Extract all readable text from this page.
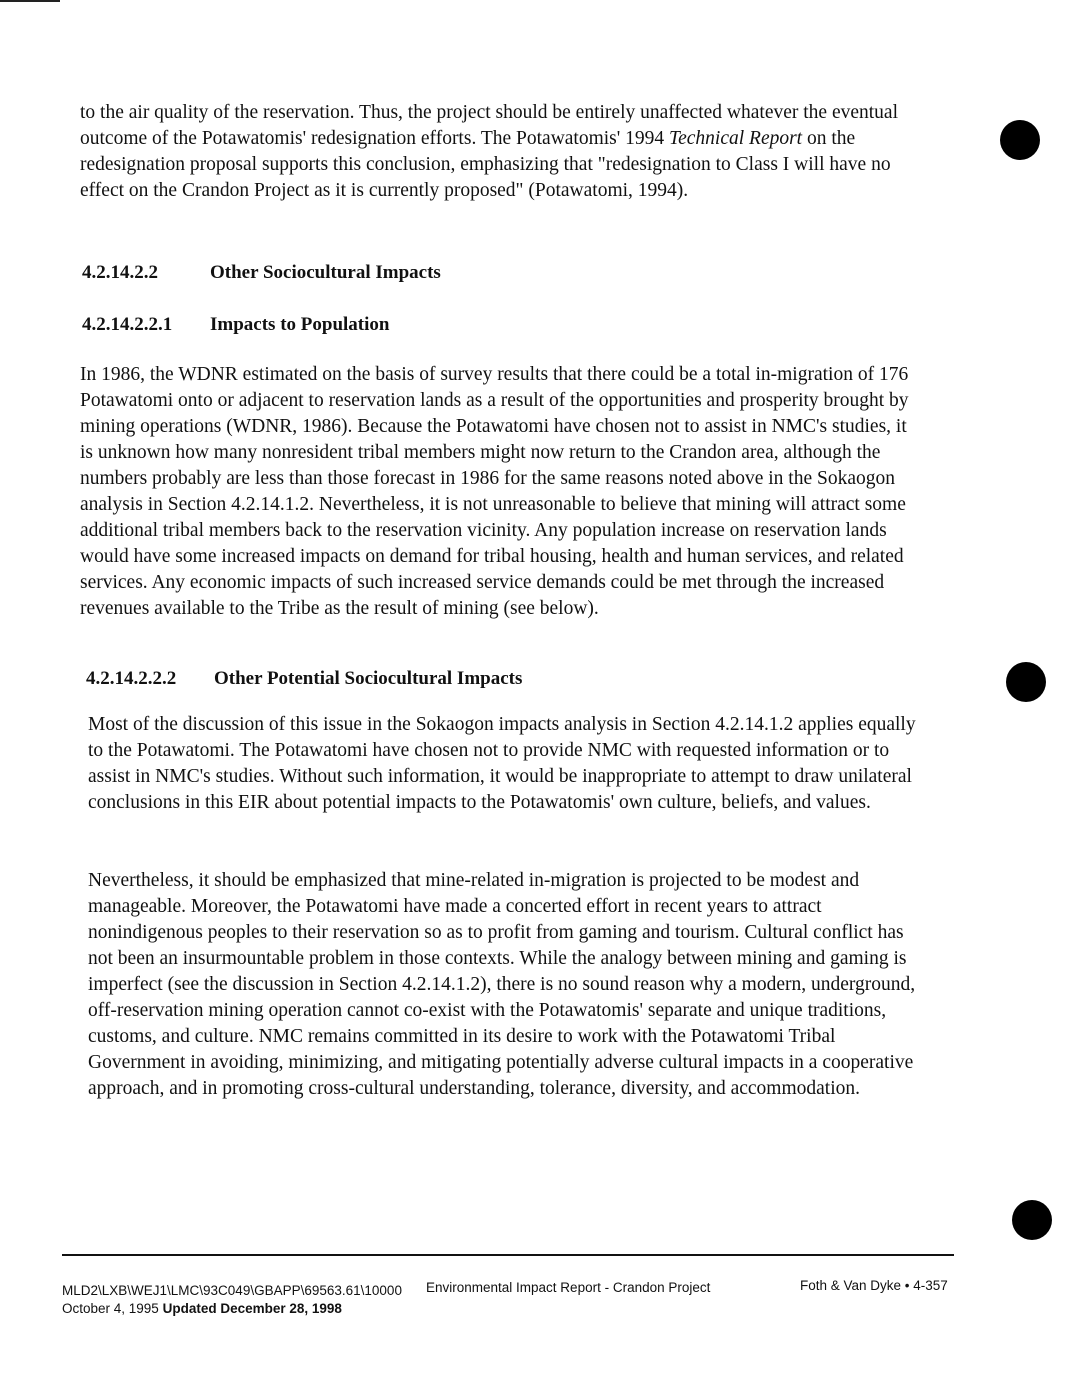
to the air quality of the reservation. Thus, the project should be entirely unaffected whatever the eventual outcome of the Potawatomis' redesignation efforts. The Potawatomis' 1994 Technical Report on the redesignation proposal supports this conclusion, emphasizing that "redesignation to Class I will have no effect on the Crandon Project as it is currently proposed" (Potawatomi, 1994).

4.2.14.2.2	Other Sociocultural Impacts
4.2.14.2.2.1 Impacts to Population

In 1986, the WDNR estimated on the basis of survey results that there could be a total in-migration of 176 Potawatomi onto or adjacent to reservation lands as a result of the opportunities and prosperity brought by mining operations (WDNR, 1986). Because the Potawatomi have chosen not to assist in NMC's studies, it is unknown how many nonresident tribal members might now return to the Crandon area, although the numbers probably are less than those forecast in 1986 for the same reasons noted above in the Sokaogon analysis in Section 4.2.14.1.2. Nevertheless, it is not unreasonable to believe that mining will attract some additional tribal members back to the reservation vicinity. Any population increase on reservation lands would have some increased impacts on demand for tribal housing, health and human services, and related services. Any economic impacts of such increased service demands could be met through the increased revenues available to the Tribe as the result of mining (see below).

4.2.14.2.2.2 Other Potential Sociocultural Impacts

Most of the discussion of this issue in the Sokaogon impacts analysis in Section 4.2.14.1.2 applies equally to the Potawatomi. The Potawatomi have chosen not to provide NMC with requested information or to assist in NMC's studies. Without such information, it would be inappropriate to attempt to draw unilateral conclusions in this EIR about potential impacts to the Potawatomis' own culture, beliefs, and values.

Nevertheless, it should be emphasized that mine-related in-migration is projected to be modest and manageable. Moreover, the Potawatomi have made a concerted effort in recent years to attract nonindigenous peoples to their reservation so as to profit from gaming and tourism. Cultural conflict has not been an insurmountable problem in those contexts. While the analogy between mining and gaming is imperfect (see the discussion in Section 4.2.14.1.2), there is no sound reason why a modern, underground, off-reservation mining operation cannot co-exist with the Potawatomis' separate and unique traditions, customs, and culture. NMC remains committed in its desire to work with the Potawatomi Tribal Government in avoiding, minimizing, and mitigating potentially adverse cultural impacts in a cooperative approach, and in promoting cross-cultural understanding, tolerance, diversity, and accommodation.

MLD2\LXB\WEJ1\LMC\93C049\GBAPP\69563.61\10000
October 4, 1995 Updated December 28, 1998
Environmental Impact Report - Crandon Project	Foth & Van Dyke • 4-357
